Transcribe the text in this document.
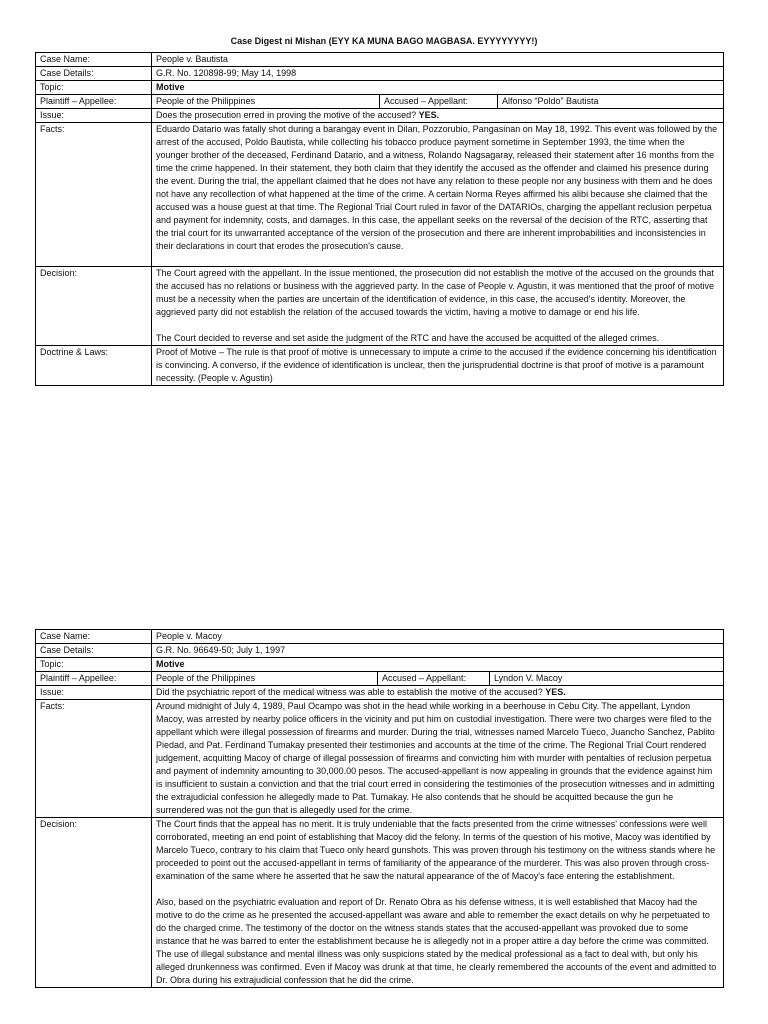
Case Digest ni Mishan (EYY KA MUNA BAGO MAGBASA. EYYYYYYYY!)
Case Name:	People v. Bautista		
Case Details:	G.R. No. 120898-99; May 14, 1998		
Topic:	Motive		
Plaintiff – Appellee:	People of the Philippines	Accused – Appellant:	Alfonso “Poldo” Bautista
Issue:	Does the prosecution erred in proving the motive of the accused? YES.		
Facts:	Eduardo Datario was fatally shot during a barangay event in Dilan, Pozzorubio, Pangasinan on May 18, 1992. This event was followed by the arrest of the accused, Poldo Bautista, while collecting his tobacco produce payment sometime in September 1993, the time when the younger brother of the deceased, Ferdinand Datario, and a witness, Rolando Nagsagaray, released their statement after 16 months from the time the crime happened. In their statement, they both claim that they identify the accused as the offender and claimed his presence during the event. During the trial, the appellant claimed that he does not have any relation to these people nor any business with them and he does not have any recollection of what happened at the time of the crime. A certain Norma Reyes affirmed his alibi because she claimed that the accused was a house guest at that time. The Regional Trial Court ruled in favor of the DATARIOs, charging the appellant reclusion perpetua and payment for indemnity, costs, and damages. In this case, the appellant seeks on the reversal of the decision of the RTC, asserting that the trial court for its unwarranted acceptance of the version of the prosecution and there are inherent improbabilities and inconsistencies in their declarations in court that erodes the prosecution's cause.		
Decision:	The Court agreed with the appellant. In the issue mentioned, the prosecution did not establish the motive of the accused on the grounds that the accused has no relations or business with the aggrieved party. In the case of People v. Agustin, it was mentioned that the proof of motive must be a necessity when the parties are uncertain of the identification of evidence, in this case, the accused's identity. Moreover, the aggrieved party did not establish the relation of the accused towards the victim, having a motive to damage or end his life.

The Court decided to reverse and set aside the judgment of the RTC and have the accused be acquitted of the alleged crimes.		

Doctrine & Laws:	Proof of Motive – The rule is that proof of motive is unnecessary to impute a crime to the accused if the evidence concerning his identification is convincing. A converso, if the evidence of identification is unclear, then the jurisprudential doctrine is that proof of motive is a paramount necessity. (People v. Agustin)		
Case Name:	People v. Macoy		
Case Details:	G.R. No. 96649-50; July 1, 1997		
Topic:	Motive		
Plaintiff – Appellee:	People of the Philippines	Accused – Appellant:	Lyndon V. Macoy
Issue:	Did the psychiatric report of the medical witness was able to establish the motive of the accused? YES.		
Facts:	Around midnight of July 4, 1989, Paul Ocampo was shot in the head while working in a beerhouse in Cebu City. The appellant, Lyndon Macoy, was arrested by nearby police officers in the vicinity and put him on custodial investigation. There were two charges were filed to the appellant which were illegal possession of firearms and murder. During the trial, witnesses named Marcelo Tueco, Juancho Sanchez, Pablito Piedad, and Pat. Ferdinand Tumakay presented their testimonies and accounts at the time of the crime. The Regional Trial Court rendered judgement, acquitting Macoy of charge of illegal possession of firearms and convicting him with murder with pentalties of reclusion perpetua and payment of indemnity amounting to 30,000.00 pesos. The accused-appellant is now appealing in grounds that the evidence against him is insufficient to sustain a conviction and that the trial court erred in considering the testimonies of the prosecution witnesses and in admitting the extrajudicial confession he allegedly made to Pat. Tumakay. He also contends that he should be acquitted because the gun he surrendered was not the gun that is allegedly used for the crime.		
Decision:	The Court finds that the appeal has no merit. It is truly undeniable that the facts presented from the crime witnesses' confessions were well corroborated, meeting an end point of establishing that Macoy did the felony. In terms of the question of his motive, Macoy was identified by Marcelo Tueco, contrary to his claim that Tueco only heard gunshots. This was proven through his testimony on the witness stands where he proceeded to point out the accused-appellant in terms of familiarity of the appearance of the murderer. This was also proven through cross-examination of the same where he asserted that he saw the natural appearance of the of Macoy's face entering the establishment.

Also, based on the psychiatric evaluation and report of Dr. Renato Obra as his defense witness, it is well established that Macoy had the motive to do the crime as he presented the accused-appellant was aware and able to remember the exact details on why he perpetuated to do the charged crime. The testimony of the doctor on the witness stands states that the accused-appellant was provoked due to some instance that he was barred to enter the establishment because he is allegedly not in a proper attire a day before the crime was committed. The use of illegal substance and mental illness was only suspicions stated by the medical professional as a fact to deal with, but only his alleged drunkenness was confirmed. Even if Macoy was drunk at that time, he clearly remembered the accounts of the event and admitted to Dr. Obra during his extrajudicial confession that he did the crime.		
